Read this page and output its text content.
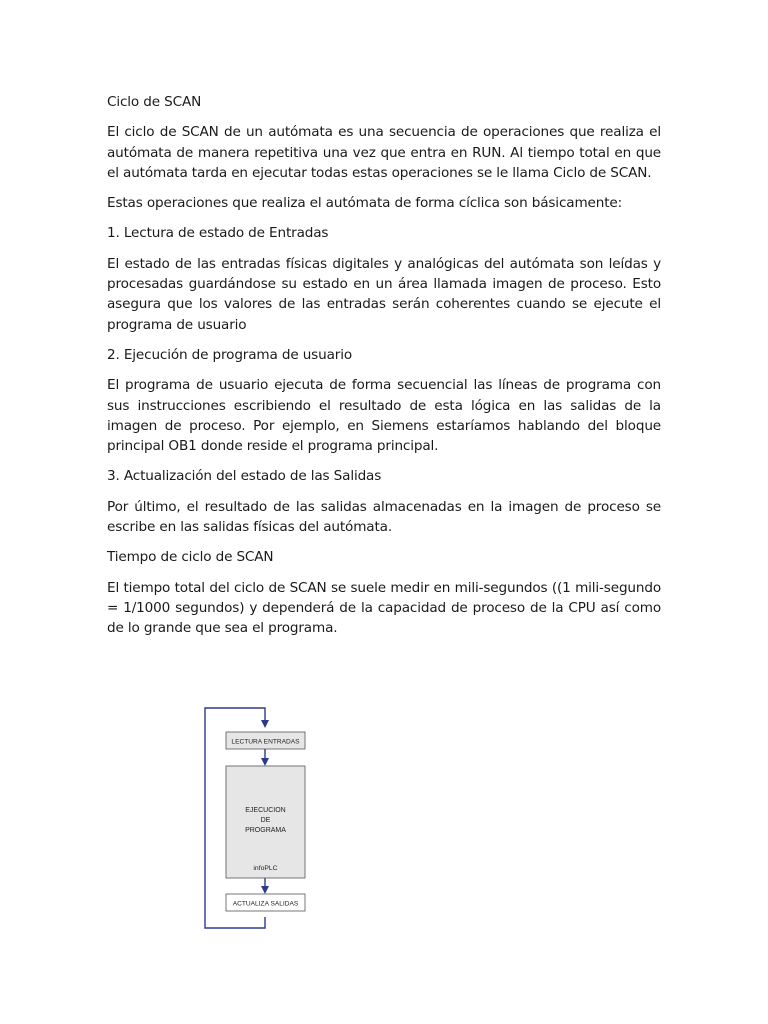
Ciclo de SCAN

El ciclo de SCAN de un autómata es una secuencia de operaciones que realiza el autómata de manera repetitiva una vez que entra en RUN. Al tiempo total en que el autómata tarda en ejecutar todas estas operaciones se le llama Ciclo de SCAN.

Estas operaciones que realiza el autómata de forma cíclica son básicamente:

1. Lectura de estado de Entradas

El estado de las entradas físicas digitales y analógicas del autómata son leídas y procesadas guardándose su estado en un área llamada imagen de proceso. Esto asegura que los valores de las entradas serán coherentes cuando se ejecute el programa de usuario

2. Ejecución de programa de usuario

El programa de usuario ejecuta de forma secuencial las líneas de programa con sus instrucciones escribiendo el resultado de esta lógica en las salidas de la imagen de proceso. Por ejemplo, en Siemens estaríamos hablando del bloque principal OB1 donde reside el programa principal.

3. Actualización del estado de las Salidas

Por último, el resultado de las salidas almacenadas en la imagen de proceso se escribe en las salidas físicas del autómata.

Tiempo de ciclo de SCAN

El tiempo total del ciclo de SCAN se suele medir en mili-segundos ((1 mili-segundo = 1/1000 segundos) y dependerá de la capacidad de proceso de la CPU así como de lo grande que sea el programa.

LECTURA ENTRADAS
EJECUCION
DE
PROGRAMA
infoPLC
ACTUALIZA SALIDAS
